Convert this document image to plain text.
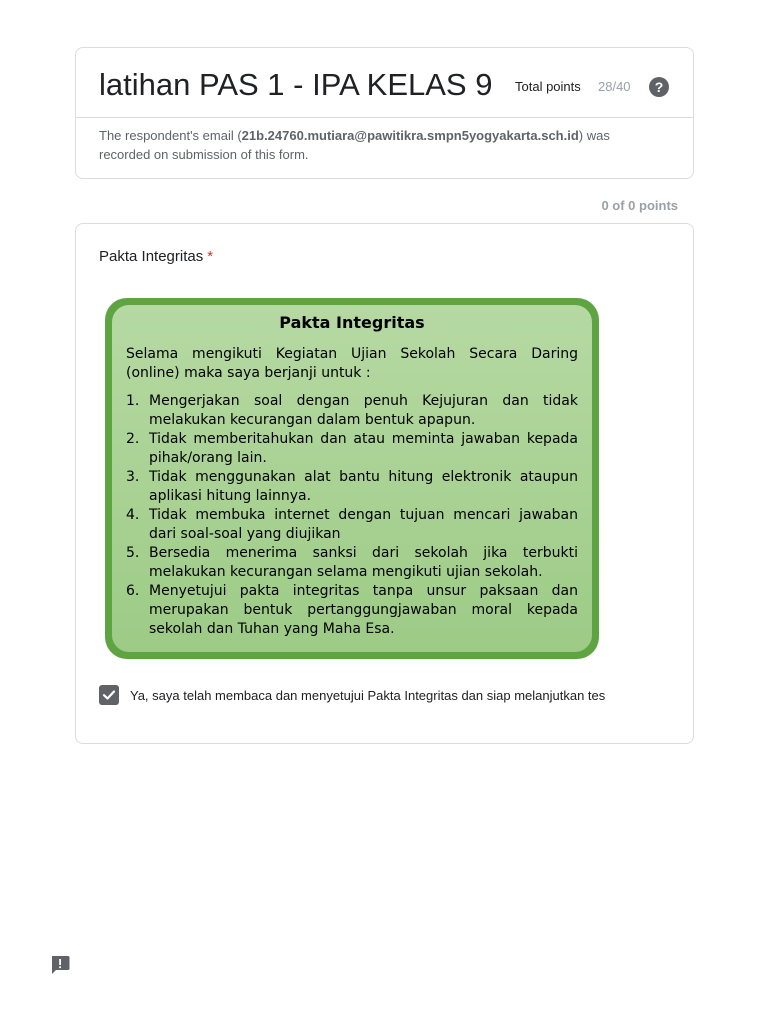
latihan PAS 1 - IPA KELAS 9 Total points 28/40	?
The respondent's email (21b.24760.mutiara@pawitikra.smpn5yogyakarta.sch.id) was recorded on submission of this form.
0 of 0 points
Pakta Integritas *
Pakta Integritas
Selama mengikuti Kegiatan Ujian Sekolah Secara Daring (online) maka saya berjanji untuk :
1. Mengerjakan soal dengan penuh Kejujuran dan tidak melakukan kecurangan dalam bentuk apapun.
2. Tidak memberitahukan dan atau meminta jawaban kepada pihak/orang lain.
3. Tidak menggunakan alat bantu hitung elektronik ataupun aplikasi hitung lainnya.
4. Tidak membuka internet dengan tujuan mencari jawaban dari soal-soal yang diujikan
5. Bersedia menerima sanksi dari sekolah jika terbukti melakukan kecurangan selama mengikuti ujian sekolah.
6. Menyetujui pakta integritas tanpa unsur paksaan dan merupakan bentuk pertanggungjawaban moral kepada sekolah dan Tuhan yang Maha Esa.
Ya, saya telah membaca dan menyetujui Pakta Integritas dan siap melanjutkan tes
